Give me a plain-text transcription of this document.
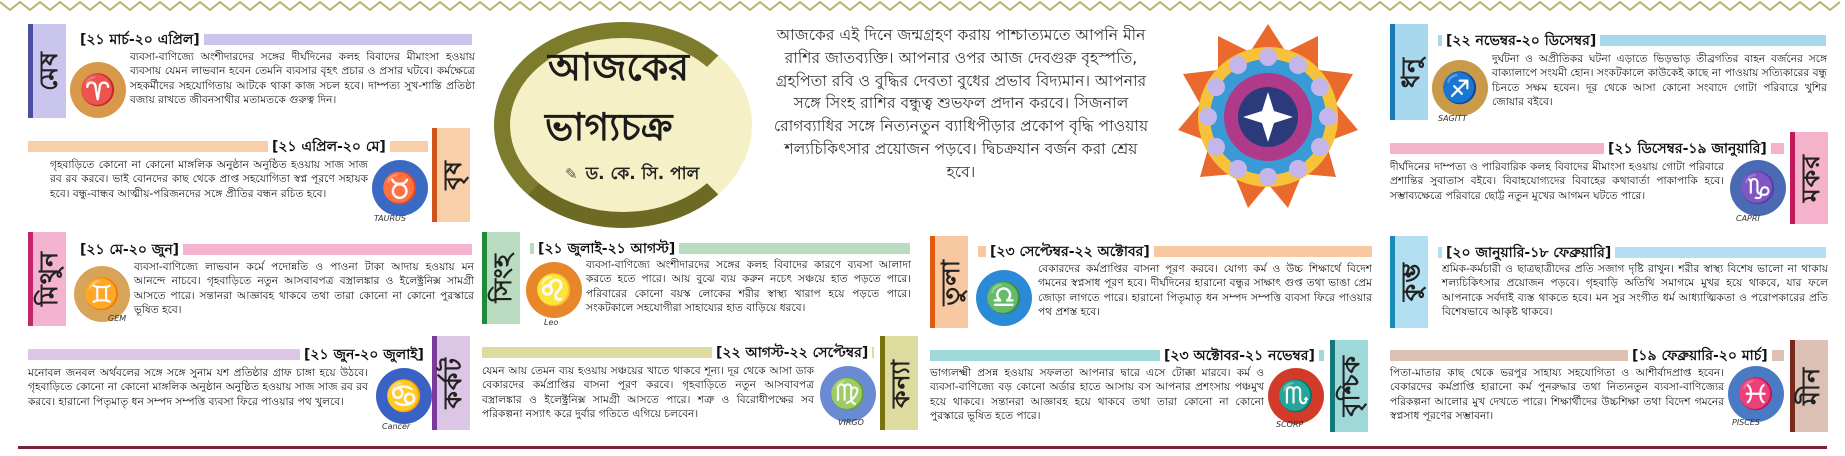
আজকের
ভাগ্যচক্র
✎ ড. কে. সি. পাল
আজকের এই দিনে জন্মগ্রহণ করায় পাশ্চাত্যমতে আপনি মীন রাশির জাতব্যক্তি। আপনার ওপর আজ দেবগুরু বৃহস্পতি, গ্রহপিতা রবি ও বুদ্ধির দেবতা বুধের প্রভাব বিদ্যমান। আপনার সঙ্গে সিংহ রাশির বন্ধুত্ব শুভফল প্রদান করবে। সিজনাল রোগব্যাধির সঙ্গে নিত্যনতুন ব্যাধিপীড়ার প্রকোপ বৃদ্ধি পাওয়ায় শল্যচিকিৎসার প্রয়োজন পড়বে। দ্বিচক্রযান বর্জন করা শ্রেয় হবে।
মেষ
[২১ মার্চ-২০ এপ্রিল]
♈
ব্যবসা-বাণিজ্যে অংশীদারদের সঙ্গের দীর্ঘদিনের কলহ বিবাদের মীমাংসা হওয়ায় ব্যবসায় যেমন লাভবান হবেন তেমনি ব্যবসার বৃহৎ প্রচার ও প্রসার ঘটবে। কর্মক্ষেত্রে সহকর্মীদের সহযোগিতায় আটকে থাকা কাজ সচল হবে। দাম্পত্য সুখ-শান্তি প্রতিষ্ঠা বজায় রাখতে জীবনসাথীর মতামতকে গুরুত্ব দিন।
বৃষ
[২১ এপ্রিল-২০ মে]
♉
TAURUS
গৃহবাড়িতে কোনো না কোনো মাঙ্গলিক অনুষ্ঠান অনুষ্ঠিত হওয়ায় সাজ সাজ রব রব করবে। ভাই বোনদের কাছ থেকে প্রাপ্ত সহযোগিতা স্বপ্ন পূরণে সহায়ক হবে। বন্ধু-বান্ধব আত্মীয়-পরিজনদের সঙ্গে প্রীতির বন্ধন রচিত হবে।
মিথুন
[২১ মে-২০ জুন]
♊
GEM
ব্যবসা-বাণিজ্যে লাভবান কর্মে পদোন্নতি ও পাওনা টাকা আদায় হওয়ায় মন আনন্দে নাচবে। গৃহবাড়িতে নতুন আসবাবপত্র বস্ত্রালঙ্কার ও ইলেক্ট্রনিক্স সামগ্রী আসতে পারে। সন্তানরা আজ্ঞাবহ থাকবে তথা তারা কোনো না কোনো পুরস্কারে ভূষিত হবে।
কর্কট
[২১ জুন-২০ জুলাই]
♋
Cancer
মনোবল জনবল অর্থবলের সঙ্গে সঙ্গে সুনাম যশ প্রতিষ্ঠার গ্রাফ চাঙ্গা হয়ে উঠবে। গৃহবাড়িতে কোনো না কোনো মাঙ্গলিক অনুষ্ঠান অনুষ্ঠিত হওয়ায় সাজ সাজ রব রব করবে। হারানো পিতৃমাতৃ ধন সম্পদ সম্পত্তি ব্যবসা ফিরে পাওয়ার পথ খুলবে।
সিংহ
[২১ জুলাই-২১ আগস্ট]
♌
Leo
ব্যবসা-বাণিজ্যে অংশীদারদের সঙ্গের কলহ বিবাদের কারণে ব্যবসা আলাদা করতে হতে পারে। আয় বুঝে ব্যয় করুন নচেৎ সঞ্চয়ে হাত পড়তে পারে। পরিবারের কোনো বয়স্ক লোকের শরীর স্বাস্থ্য খারাপ হয়ে পড়তে পারে। সংকটকালে সহযোগীরা সাহায্যের হাত বাড়িয়ে ধরবে।
কন্যা
[২২ আগস্ট-২২ সেপ্টেম্বর]
♍
VIRGO
যেমন আয় তেমন ব্যয় হওয়ায় সঞ্চয়ের খাতে থাকবে শূন্য। দূর থেকে আসা ডাক বেকারদের কর্মপ্রাপ্তির বাসনা পূরণ করবে। গৃহবাড়িতে নতুন আসবাবপত্র বস্ত্রালঙ্কার ও ইলেক্ট্রনিক্স সামগ্রী আসতে পারে। শত্রু ও বিরোধীপক্ষের সব পরিকল্পনা নস্যাৎ করে দুর্বার গতিতে এগিয়ে চলবেন।
তুলা
[২৩ সেপ্টেম্বর-২২ অক্টোবর]
♎
বেকারদের কর্মপ্রাপ্তির বাসনা পূরণ করবে। যোগ্য কর্ম ও উচ্চ শিক্ষার্থে বিদেশ গমনের স্বপ্নসাধ পূরণ হবে। দীর্ঘদিনের হারানো বন্ধুর সাক্ষাৎ গুপ্ত তথা ভাঙা প্রেম জোড়া লাগতে পারে। হারানো পিতৃমাতৃ ধন সম্পদ সম্পত্তি ব্যবসা ফিরে পাওয়ার পথ প্রশস্ত হবে।
বৃশ্চিক
[২৩ অক্টোবর-২১ নভেম্বর]
♏
SCORP
ভাগ্যলক্ষ্মী প্রসন্ন হওয়ায় সফলতা আপনার দ্বারে এসে টোক্কা মারবে। কর্ম ও ব্যবসা-বাণিজ্যে বড় কোনো অর্ডার হাতে আসায় বস আপনার প্রশংসায় পঞ্চমুখ হয়ে থাকবে। সন্তানরা আজ্ঞাবহ হয়ে থাকবে তথা তারা কোনো না কোনো পুরস্কারে ভূষিত হতে পারে।
ধনু
[২২ নভেম্বর-২০ ডিসেম্বর]
♐
SAGITT
দুর্ঘটনা ও অপ্রীতিকর ঘটনা এড়াতে ভিড়ভাড় তীব্রগতির বাহন বর্জনের সঙ্গে বাক্যালাপে সংযমী হোন। সংকটকালে কাউকেই কাছে না পাওয়ায় সত্যিকারের বন্ধু চিনতে সক্ষম হবেন। দূর থেকে আসা কোনো সংবাদে গোটা পরিবারে খুশির জোয়ার বইবে।
মকর
[২১ ডিসেম্বর-১৯ জানুয়ারি]
♑
CAPRI
দীর্ঘদিনের দাম্পত্য ও পারিবারিক কলহ বিবাদের মীমাংসা হওয়ায় গোটা পরিবারে প্রশান্তির সুবাতাস বইবে। বিবাহযোগ্যদের বিবাহের কথাবার্তা পাকাপাকি হবে। সম্ভাব্যক্ষেত্রে পরিবারে ছোট্ট নতুন মুখের আগমন ঘটতে পারে।
কুম্ভ
[২০ জানুয়ারি-১৮ ফেব্রুয়ারি]
শ্রমিক-কর্মচারী ও ছাত্রছাত্রীদের প্রতি সজাগ দৃষ্টি রাখুন। শরীর স্বাস্থ্য বিশেষ ভালো না থাকায় শল্যচিকিৎসার প্রয়োজন পড়বে। গৃহবাড়ি অতিথি সমাগমে মুখর হয়ে থাকবে, যার ফলে আপনাকে সর্বদাই ব্যস্ত থাকতে হবে। মন সুর সংগীত ধর্ম আধ্যাত্মিকতা ও পরোপকারের প্রতি বিশেষভাবে আকৃষ্ট থাকবে।
মীন
[১৯ ফেব্রুয়ারি-২০ মার্চ]
♓
PISCES
পিতা-মাতার কাছ থেকে ভরপুর সাহায্য সহযোগিতা ও আশীর্বাদপ্রাপ্ত হবেন। বেকারদের কর্মপ্রাপ্তি হারানো কর্ম পুনরুদ্ধার তথা নিত্যনতুন ব্যবসা-বাণিজ্যের পরিকল্পনা আলোর মুখ দেখতে পারে। শিক্ষার্থীদের উচ্চশিক্ষা তথা বিদেশ গমনের স্বপ্নসাধ পূরণের সম্ভাবনা।
